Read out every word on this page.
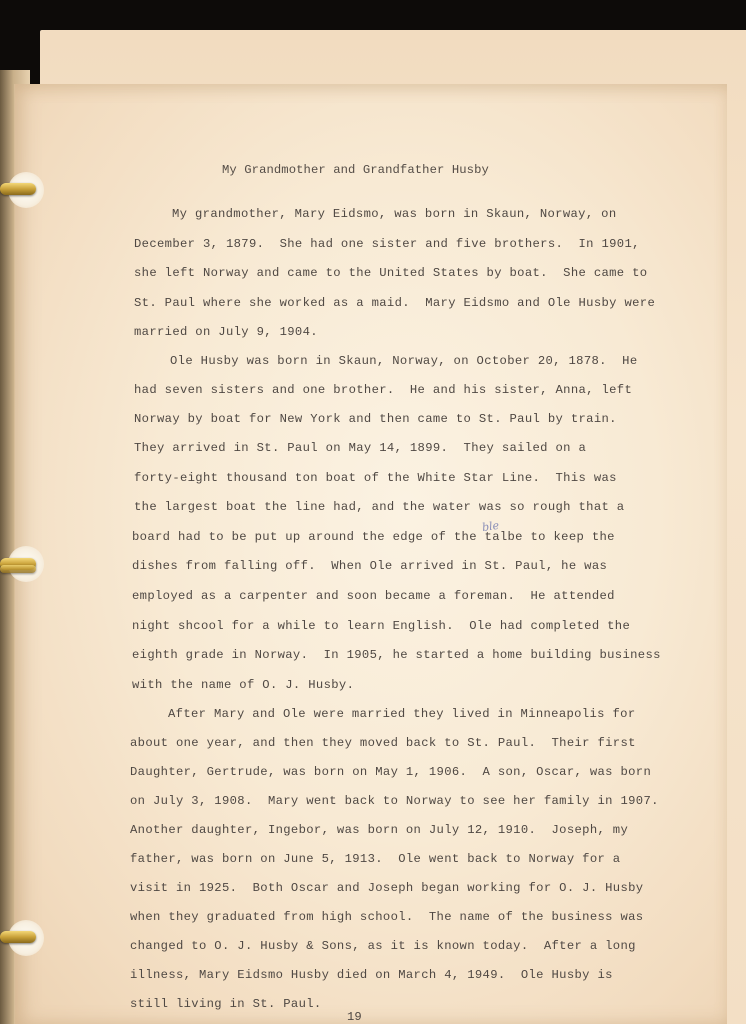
My Grandmother and Grandfather Husby
My grandmother, Mary Eidsmo, was born in Skaun, Norway, on
December 3, 1879.  She had one sister and five brothers.  In 1901,
she left Norway and came to the United States by boat.  She came to
St. Paul where she worked as a maid.  Mary Eidsmo and Ole Husby were
married on July 9, 1904.
Ole Husby was born in Skaun, Norway, on October 20, 1878.  He
had seven sisters and one brother.  He and his sister, Anna, left
Norway by boat for New York and then came to St. Paul by train.
They arrived in St. Paul on May 14, 1899.  They sailed on a
forty-eight thousand ton boat of the White Star Line.  This was
the largest boat the line had, and the water was so rough that a
board had to be put up around the edge of the talbe to keep the
dishes from falling off.  When Ole arrived in St. Paul, he was
employed as a carpenter and soon became a foreman.  He attended
night shcool for a while to learn English.  Ole had completed the
eighth grade in Norway.  In 1905, he started a home building business
with the name of O. J. Husby.
After Mary and Ole were married they lived in Minneapolis for
about one year, and then they moved back to St. Paul.  Their first
Daughter, Gertrude, was born on May 1, 1906.  A son, Oscar, was born
on July 3, 1908.  Mary went back to Norway to see her family in 1907.
Another daughter, Ingebor, was born on July 12, 1910.  Joseph, my
father, was born on June 5, 1913.  Ole went back to Norway for a
visit in 1925.  Both Oscar and Joseph began working for O. J. Husby
when they graduated from high school.  The name of the business was
changed to O. J. Husby & Sons, as it is known today.  After a long
illness, Mary Eidsmo Husby died on March 4, 1949.  Ole Husby is
still living in St. Paul.
ble
19
